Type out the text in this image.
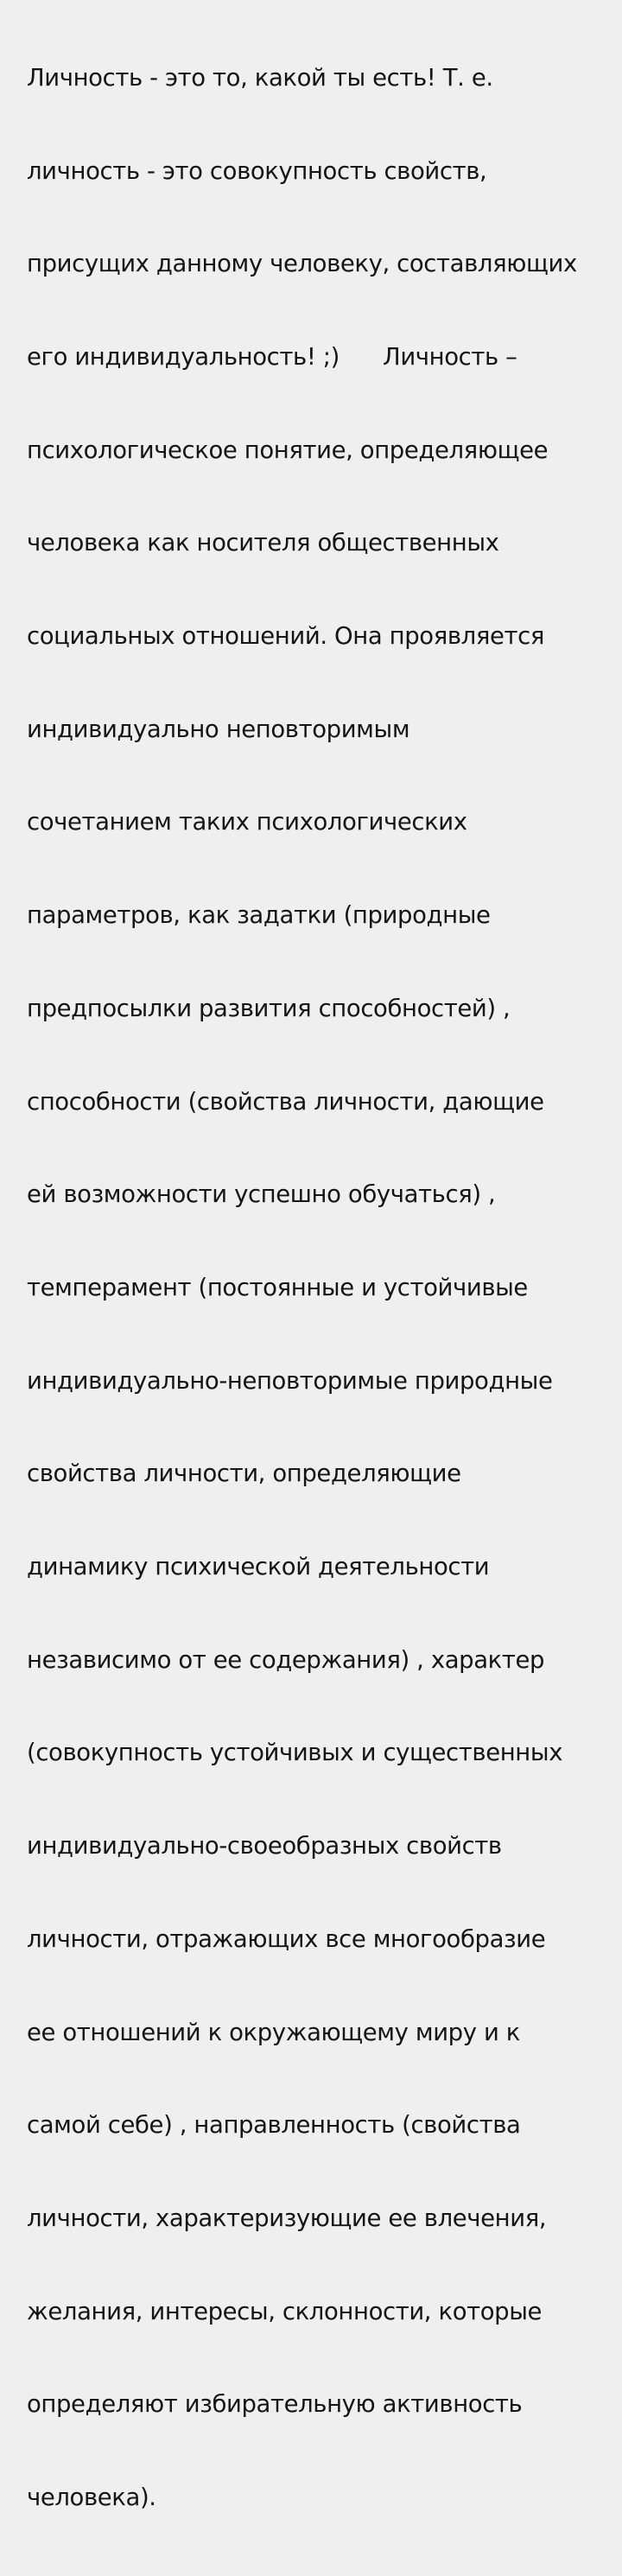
Личность - это то, какой ты есть! Т. е.

личность - это совокупность свойств,

присущих данному человеку, составляющих

его индивидуальность! ;)      Личность –

психологическое понятие, определяющее

человека как носителя общественных

социальных отношений. Она проявляется

индивидуально неповторимым

сочетанием таких психологических

параметров, как задатки (природные

предпосылки развития способностей) ,

способности (свойства личности, дающие

ей возможности успешно обучаться) ,

темперамент (постоянные и устойчивые

индивидуально-неповторимые природные

свойства личности, определяющие

динамику психической деятельности

независимо от ее содержания) , характер

(совокупность устойчивых и существенных

индивидуально-своеобразных свойств

личности, отражающих все многообразие

ее отношений к окружающему миру и к

самой себе) , направленность (свойства

личности, характеризующие ее влечения,

желания, интересы, склонности, которые

определяют избирательную активность

человека).
